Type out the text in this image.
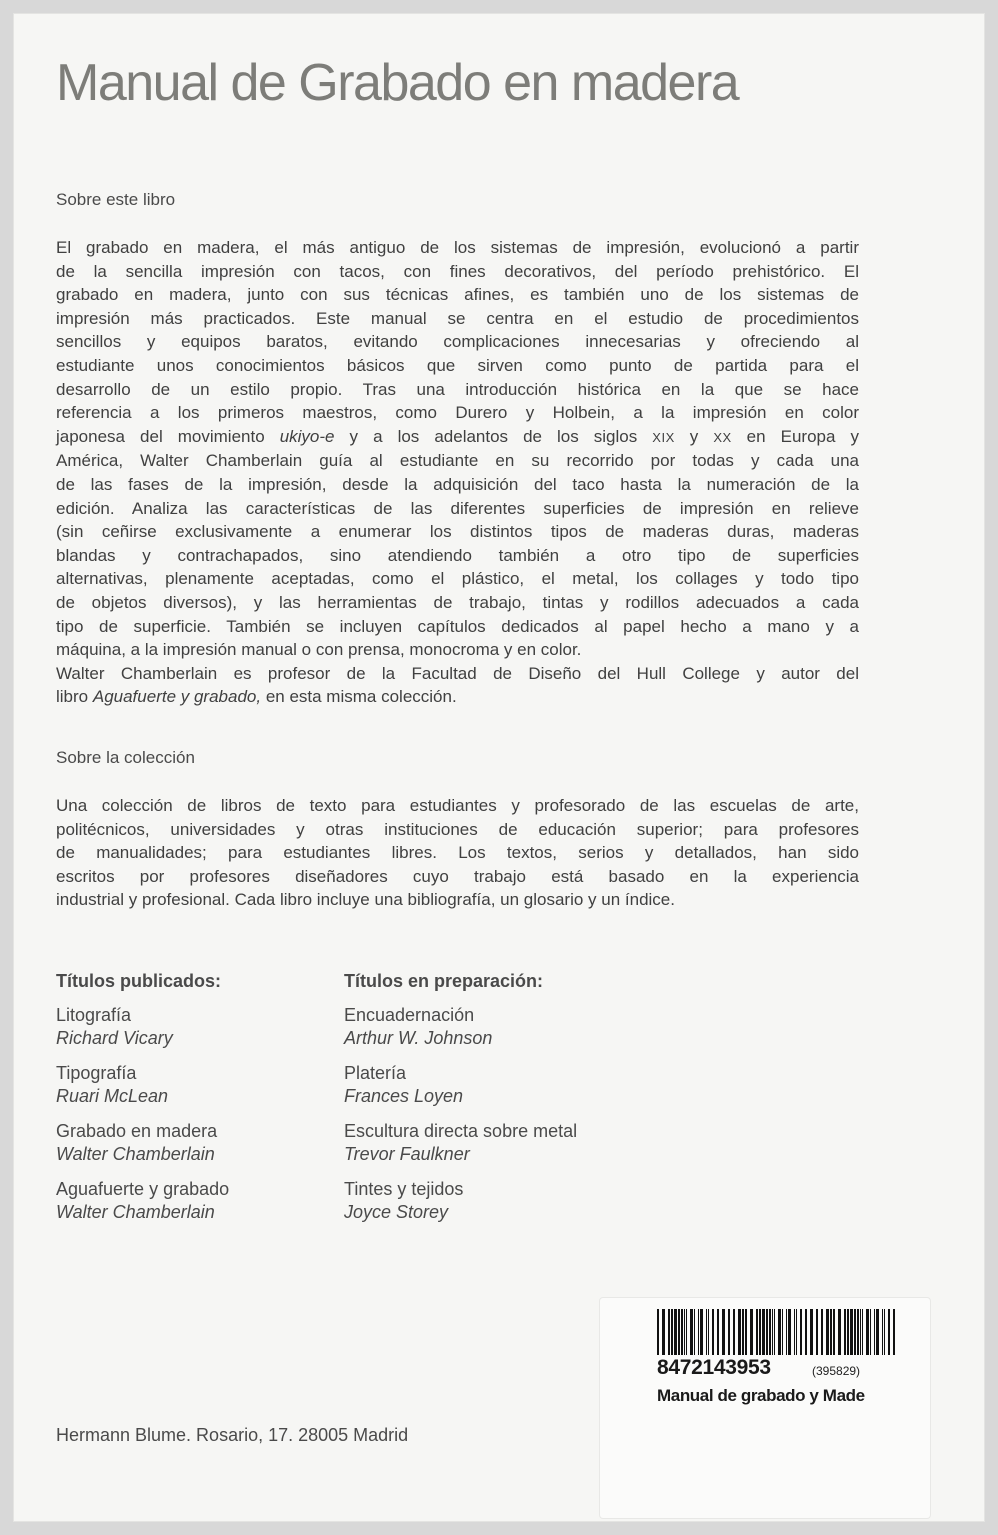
Manual de Grabado en madera
Sobre este libro
El grabado en madera, el más antiguo de los sistemas de impresión, evolucionó a partir
de la sencilla impresión con tacos, con fines decorativos, del período prehistórico. El
grabado en madera, junto con sus técnicas afines, es también uno de los sistemas de
impresión más practicados. Este manual se centra en el estudio de procedimientos
sencillos y equipos baratos, evitando complicaciones innecesarias y ofreciendo al
estudiante unos conocimientos básicos que sirven como punto de partida para el
desarrollo de un estilo propio. Tras una introducción histórica en la que se hace
referencia a los primeros maestros, como Durero y Holbein, a la impresión en color
japonesa del movimiento ukiyo-e y a los adelantos de los siglos XIX y XX en Europa y
América, Walter Chamberlain guía al estudiante en su recorrido por todas y cada una
de las fases de la impresión, desde la adquisición del taco hasta la numeración de la
edición. Analiza las características de las diferentes superficies de impresión en relieve
(sin ceñirse exclusivamente a enumerar los distintos tipos de maderas duras, maderas
blandas y contrachapados, sino atendiendo también a otro tipo de superficies
alternativas, plenamente aceptadas, como el plástico, el metal, los collages y todo tipo
de objetos diversos), y las herramientas de trabajo, tintas y rodillos adecuados a cada
tipo de superficie. También se incluyen capítulos dedicados al papel hecho a mano y a
máquina, a la impresión manual o con prensa, monocroma y en color.
Walter Chamberlain es profesor de la Facultad de Diseño del Hull College y autor del
libro Aguafuerte y grabado, en esta misma colección.
Sobre la colección
Una colección de libros de texto para estudiantes y profesorado de las escuelas de arte,
politécnicos, universidades y otras instituciones de educación superior; para profesores
de manualidades; para estudiantes libres. Los textos, serios y detallados, han sido
escritos por profesores diseñadores cuyo trabajo está basado en la experiencia
industrial y profesional. Cada libro incluye una bibliografía, un glosario y un índice.
Títulos publicados:
Litografía
Richard Vicary
Tipografía
Ruari McLean
Grabado en madera
Walter Chamberlain
Aguafuerte y grabado
Walter Chamberlain
Títulos en preparación:
Encuadernación
Arthur W. Johnson
Platería
Frances Loyen
Escultura directa sobre metal
Trevor Faulkner
Tintes y tejidos
Joyce Storey
Hermann Blume. Rosario, 17. 28005 Madrid
8472143953	(395829)
Manual de grabado y Made
